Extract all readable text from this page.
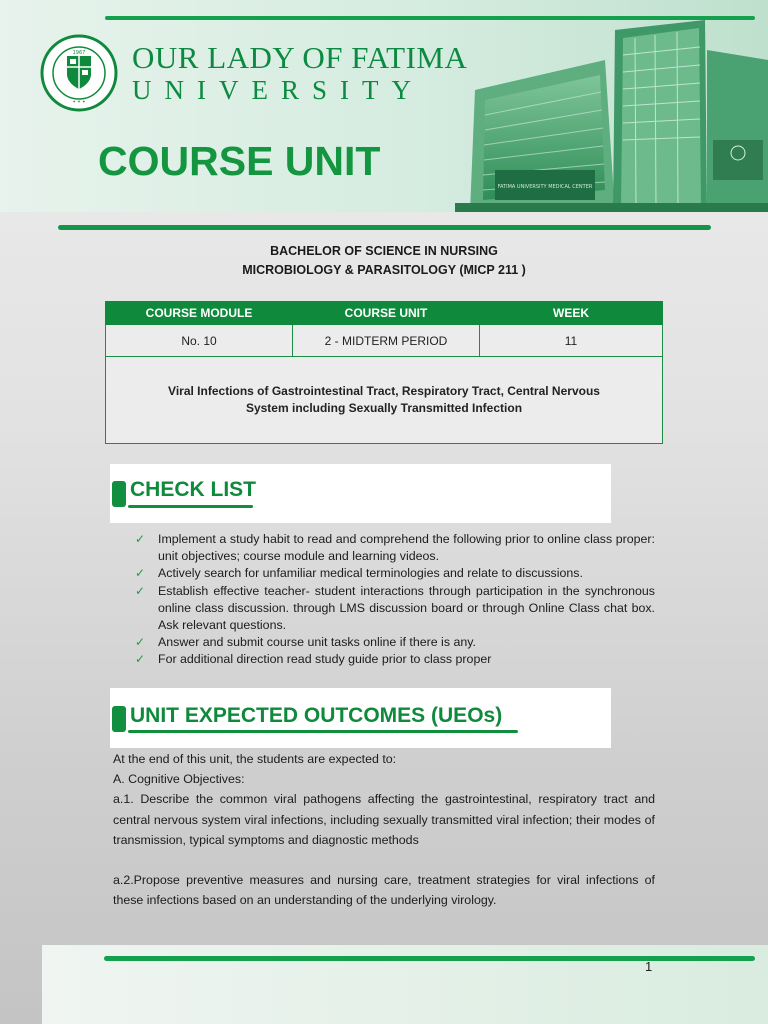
1967
✦ ✦ ✦
OUR LADY OF FATIMA
UNIVERSITY
COURSE UNIT
FATIMA UNIVERSITY MEDICAL CENTER
BACHELOR OF SCIENCE IN NURSING
MICROBIOLOGY & PARASITOLOGY (MICP 211 )
COURSE MODULE	COURSE UNIT	WEEK
No. 10	2 - MIDTERM PERIOD	11
Viral Infections of Gastrointestinal Tract, Respiratory Tract, Central Nervous System including Sexually Transmitted Infection		
CHECK LIST
✓ Implement a study habit to read and comprehend the following prior to online class proper: unit objectives; course module and learning videos.
✓ Actively search for unfamiliar medical terminologies and relate to discussions.
✓ Establish effective teacher- student interactions through participation in the synchronous online class discussion. through LMS discussion board or through Online Class chat box. Ask relevant questions.
✓ Answer and submit course unit tasks online if there is any.
✓ For additional direction read study guide prior to class proper
UNIT EXPECTED OUTCOMES (UEOs)

At the end of this unit, the students are expected to:

A. Cognitive Objectives:

a.1. Describe the common viral pathogens affecting the gastrointestinal, respiratory tract and central nervous system viral infections, including sexually transmitted viral infection; their modes of transmission, typical symptoms and diagnostic methods

a.2.Propose preventive measures and nursing care, treatment strategies for viral infections of these infections based on an understanding of the underlying virology.

1
